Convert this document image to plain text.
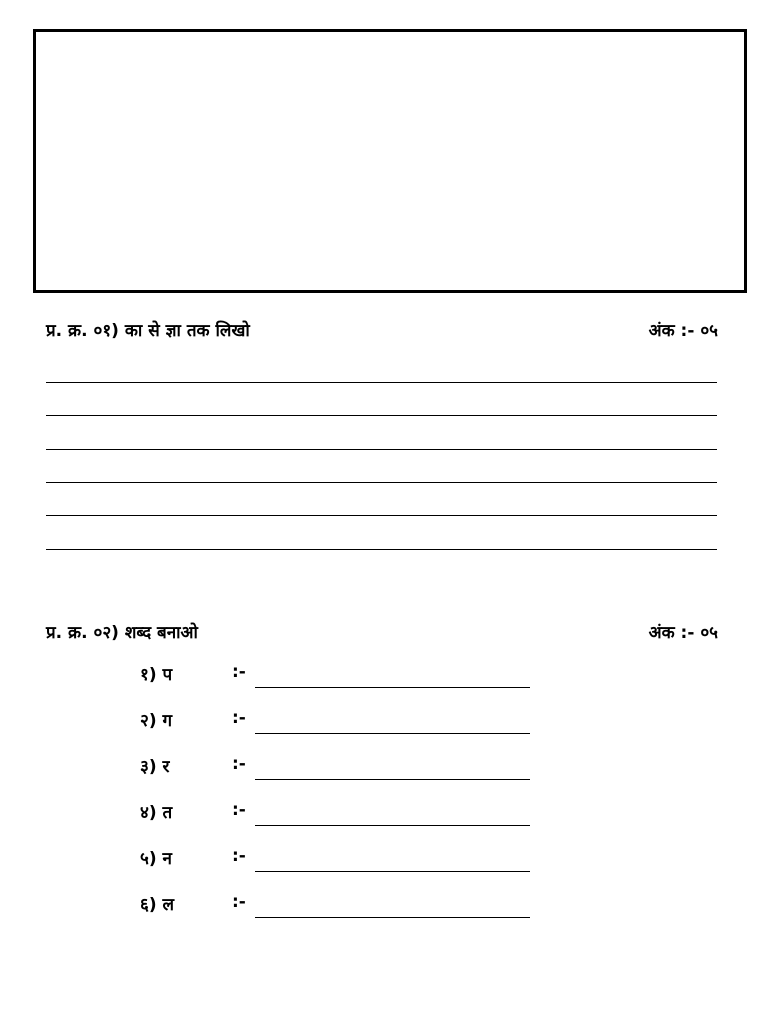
प्र. क्र. ०१) का से ज्ञा तक लिखो	अंक :- ०५
प्र. क्र. ०२) शब्द बनाओ	अंक :- ०५
१) प	:-
२) ग	:-
३) र	:-
४) त	:-
५) न	:-
६) ल	:-
